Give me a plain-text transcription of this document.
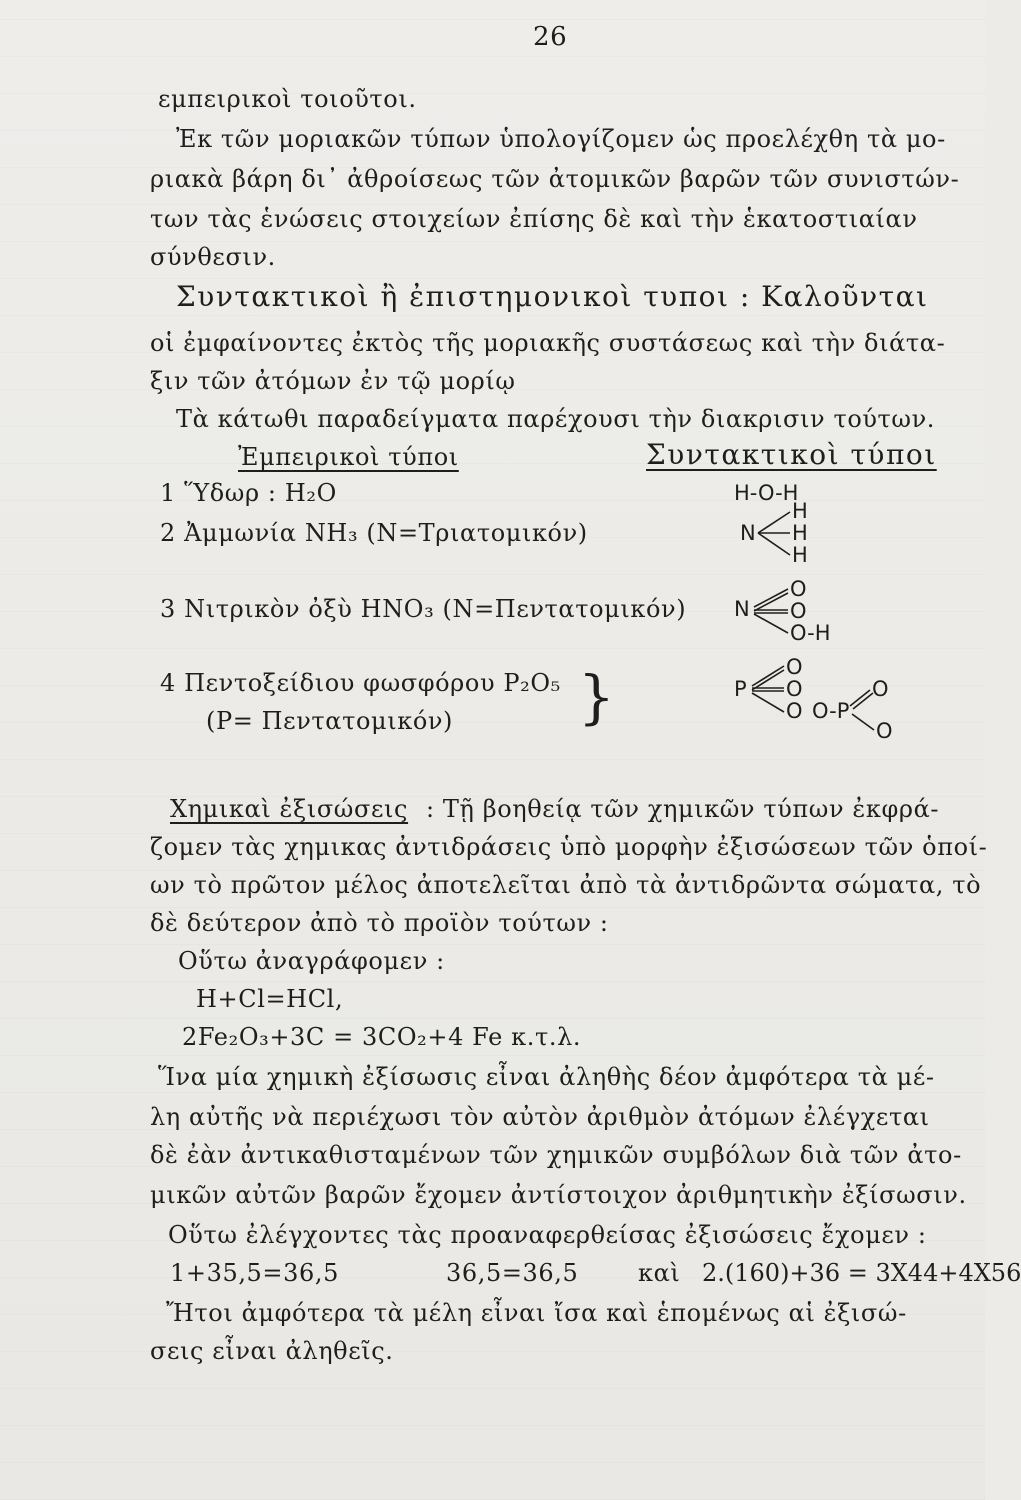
26
εμπειρικοὶ τοιοῦτοι.
Ἐκ τῶν μοριακῶν τύπων ὑπολογίζομεν ὡς προελέχθη τὰ μο-
ριακὰ βάρη δι᾽ ἀθροίσεως τῶν ἀτομικῶν βαρῶν τῶν συνιστών-
των τὰς ἑνώσεις στοιχείων ἐπίσης δὲ καὶ τὴν ἑκατοστιαίαν
σύνθεσιν.
Συντακτικοὶ ἢ ἐπιστημονικοὶ τυποι : Καλοῦνται
οἱ ἐμφαίνοντες ἐκτὸς τῆς μοριακῆς συστάσεως καὶ τὴν διάτα-
ξιν τῶν ἀτόμων ἐν τῷ μορίῳ
Τὰ κάτωθι παραδείγματα παρέχουσι τὴν διακρισιν τούτων.
Ἐμπειρικοὶ τύποι	Συντακτικοὶ τύποι
1 Ὕδωρ : H₂O
2 Ἀμμωνία NH₃ (N=Τριατομικόν)
3 Νιτρικὸν ὀξὺ HNO₃ (N=Πεντατομικόν)
4 Πεντοξείδιου φωσφόρου P₂O₅
(P= Πεντατομικόν) }
H-O-H
N
H
H
H
N
O
O
O-H
P
O
O
O O-P
O
O
Χημικαὶ ἐξισώσεις : Τῇ βοηθείᾳ τῶν χημικῶν τύπων ἐκφρά-
ζομεν τὰς χημικας ἀντιδράσεις ὑπὸ μορφὴν ἐξισώσεων τῶν ὁποί-
ων τὸ πρῶτον μέλος ἀποτελεῖται ἀπὸ τὰ ἀντιδρῶντα σώματα, τὸ
δὲ δεύτερον ἀπὸ τὸ προϊὸν τούτων :
Οὕτω ἀναγράφομεν :
H+Cl=HCl,
2Fe₂O₃+3C = 3CO₂+4 Fe κ.τ.λ.
Ἵνα μία χημικὴ ἐξίσωσις εἶναι ἀληθὴς δέον ἀμφότερα τὰ μέ-
λη αὐτῆς νὰ περιέχωσι τὸν αὐτὸν ἀριθμὸν ἀτόμων ἐλέγχεται
δὲ ἐὰν ἀντικαθισταμένων τῶν χημικῶν συμβόλων διὰ τῶν ἀτο-
μικῶν αὐτῶν βαρῶν ἔχομεν ἀντίστοιχον ἀριθμητικὴν ἐξίσωσιν.
Οὕτω ἐλέγχοντες τὰς προαναφερθείσας ἐξισώσεις ἔχομεν :
1+35,5=36,5	36,5=36,5 καὶ 2.(160)+36 = 3X44+4X56
Ἤτοι ἀμφότερα τὰ μέλη εἶναι ἴσα καὶ ἑπομένως αἱ ἐξισώ-
σεις εἶναι ἀληθεῖς.
